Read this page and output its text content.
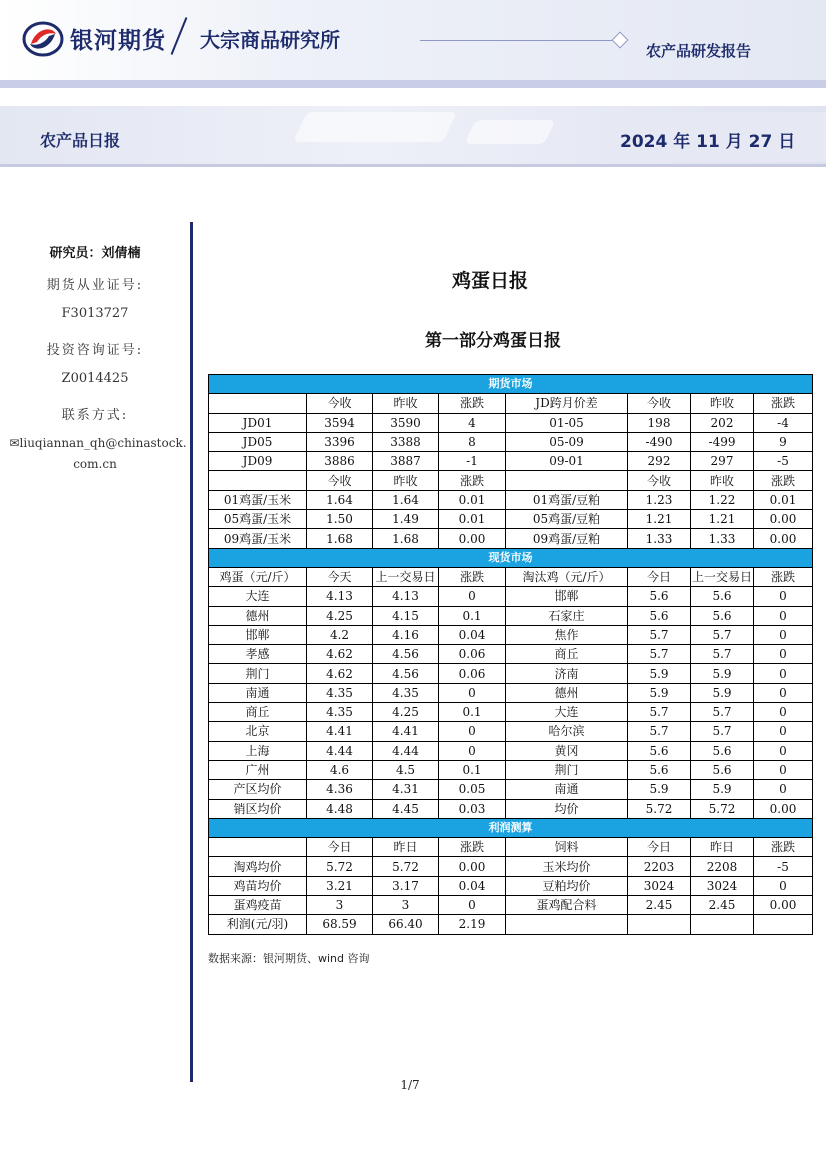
银河期货 大宗商品研究所	农产品研发报告
农产品日报	2024 年 11 月 27 日
研究员：刘倩楠
期货从业证号:
F3013727
投资咨询证号:
Z0014425
联系方式:
✉liuqiannan_qh@chinastock.
com.cn
鸡蛋日报
第一部分鸡蛋日报
期货市场							
	今收	昨收	涨跌	JD跨月价差	今收	昨收	涨跌
JD01	3594	3590	4	01-05	198	202	-4
JD05	3396	3388	8	05-09	-490	-499	9
JD09	3886	3887	-1	09-01	292	297	-5
	今收	昨收	涨跌		今收	昨收	涨跌
01鸡蛋/玉米	1.64	1.64	0.01	01鸡蛋/豆粕	1.23	1.22	0.01
05鸡蛋/玉米	1.50	1.49	0.01	05鸡蛋/豆粕	1.21	1.21	0.00
09鸡蛋/玉米	1.68	1.68	0.00	09鸡蛋/豆粕	1.33	1.33	0.00
现货市场							
鸡蛋（元/斤）	今天	上一交易日	涨跌	淘汰鸡（元/斤）	今日	上一交易日	涨跌
大连	4.13	4.13	0	邯郸	5.6	5.6	0
德州	4.25	4.15	0.1	石家庄	5.6	5.6	0
邯郸	4.2	4.16	0.04	焦作	5.7	5.7	0
孝感	4.62	4.56	0.06	商丘	5.7	5.7	0
荆门	4.62	4.56	0.06	济南	5.9	5.9	0
南通	4.35	4.35	0	德州	5.9	5.9	0
商丘	4.35	4.25	0.1	大连	5.7	5.7	0
北京	4.41	4.41	0	哈尔滨	5.7	5.7	0
上海	4.44	4.44	0	黄冈	5.6	5.6	0
广州	4.6	4.5	0.1	荆门	5.6	5.6	0
产区均价	4.36	4.31	0.05	南通	5.9	5.9	0
销区均价	4.48	4.45	0.03	均价	5.72	5.72	0.00
利润测算							
	今日	昨日	涨跌	饲料	今日	昨日	涨跌
淘鸡均价	5.72	5.72	0.00	玉米均价	2203	2208	-5
鸡苗均价	3.21	3.17	0.04	豆粕均价	3024	3024	0
蛋鸡疫苗	3	3	0	蛋鸡配合料	2.45	2.45	0.00
利润(元/羽)	68.59	66.40	2.19				
数据来源：银河期货、wind 咨询
1/7
